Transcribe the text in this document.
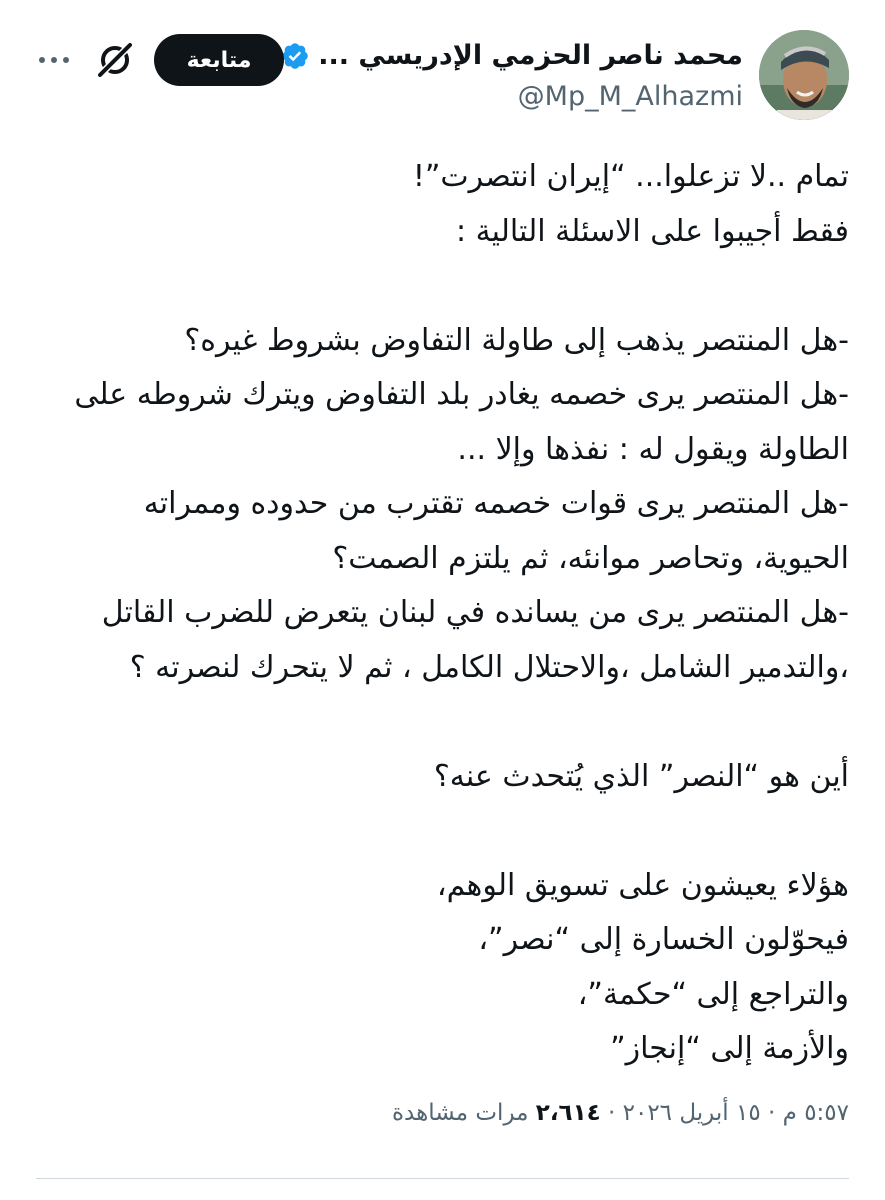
محمد ناصر الحزمي الإدريسي ...
@Mp_M_Alhazmi
متابعة
تمام ..لا تزعلوا... “إيران انتصرت”!
فقط أجيبوا على الاسئلة التالية :
-هل المنتصر يذهب إلى طاولة التفاوض بشروط غيره؟
-هل المنتصر يرى خصمه يغادر بلد التفاوض ويترك شروطه على
الطاولة ويقول له : نفذها وإلا ...
-هل المنتصر يرى قوات خصمه تقترب من حدوده وممراته
الحيوية، وتحاصر موانئه، ثم يلتزم الصمت؟
-هل المنتصر يرى من يسانده في لبنان يتعرض للضرب القاتل
،والتدمير الشامل ،والاحتلال الكامل ، ثم لا يتحرك لنصرته ؟
أين هو “النصر” الذي يُتحدث عنه؟
هؤلاء يعيشون على تسويق الوهم،
فيحوّلون الخسارة إلى “نصر”،
والتراجع إلى “حكمة”،
والأزمة إلى “إنجاز”
٥:٥٧ م · ١٥ أبريل ٢٠٢٦ · ٢،٦١٤ مرات مشاهدة
